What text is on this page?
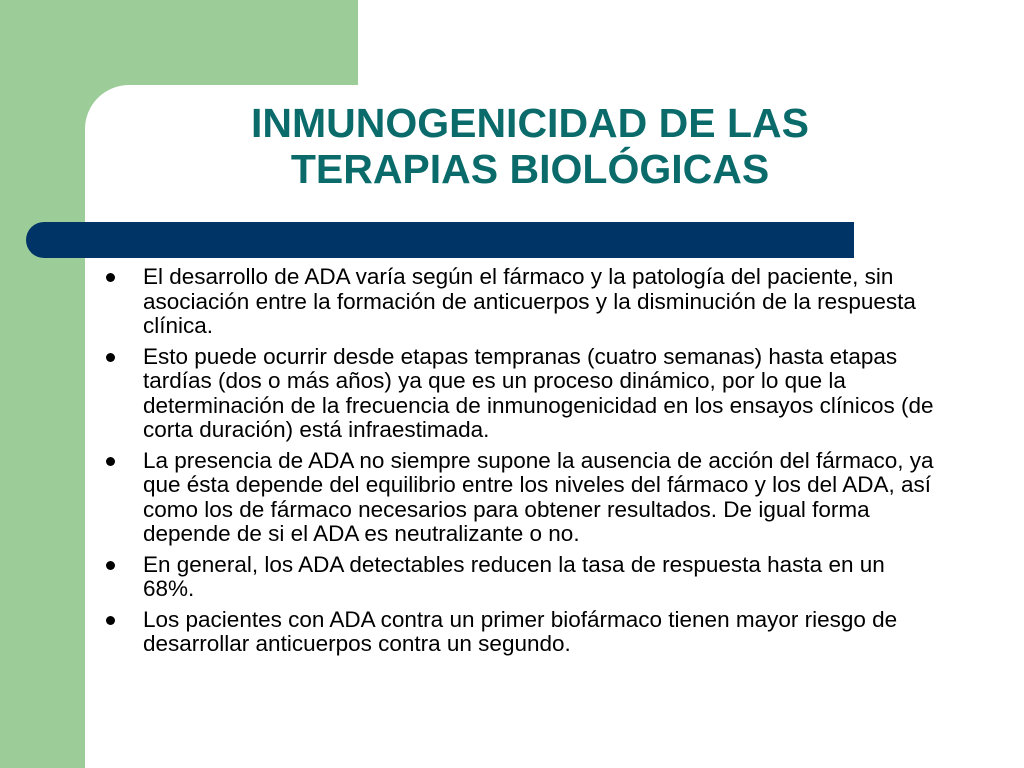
INMUNOGENICIDAD DE LAS
TERAPIAS BIOLÓGICAS
El desarrollo de ADA varía según el fármaco y la patología del paciente, sin asociación entre la formación de anticuerpos y la disminución de la respuesta clínica.
Esto puede ocurrir desde etapas tempranas (cuatro semanas) hasta etapas tardías (dos o más años) ya que es un proceso dinámico, por lo que la determinación de la frecuencia de inmunogenicidad en los ensayos clínicos (de corta duración) está infraestimada.
La presencia de ADA no siempre supone la ausencia de acción del fármaco, ya que ésta depende del equilibrio entre los niveles del fármaco y los del ADA, así como los de fármaco necesarios para obtener resultados. De igual forma depende de si el ADA es neutralizante o no.
En general, los ADA detectables reducen la tasa de respuesta hasta en un 68%.
Los pacientes con ADA contra un primer biofármaco tienen mayor riesgo de desarrollar anticuerpos contra un segundo.
